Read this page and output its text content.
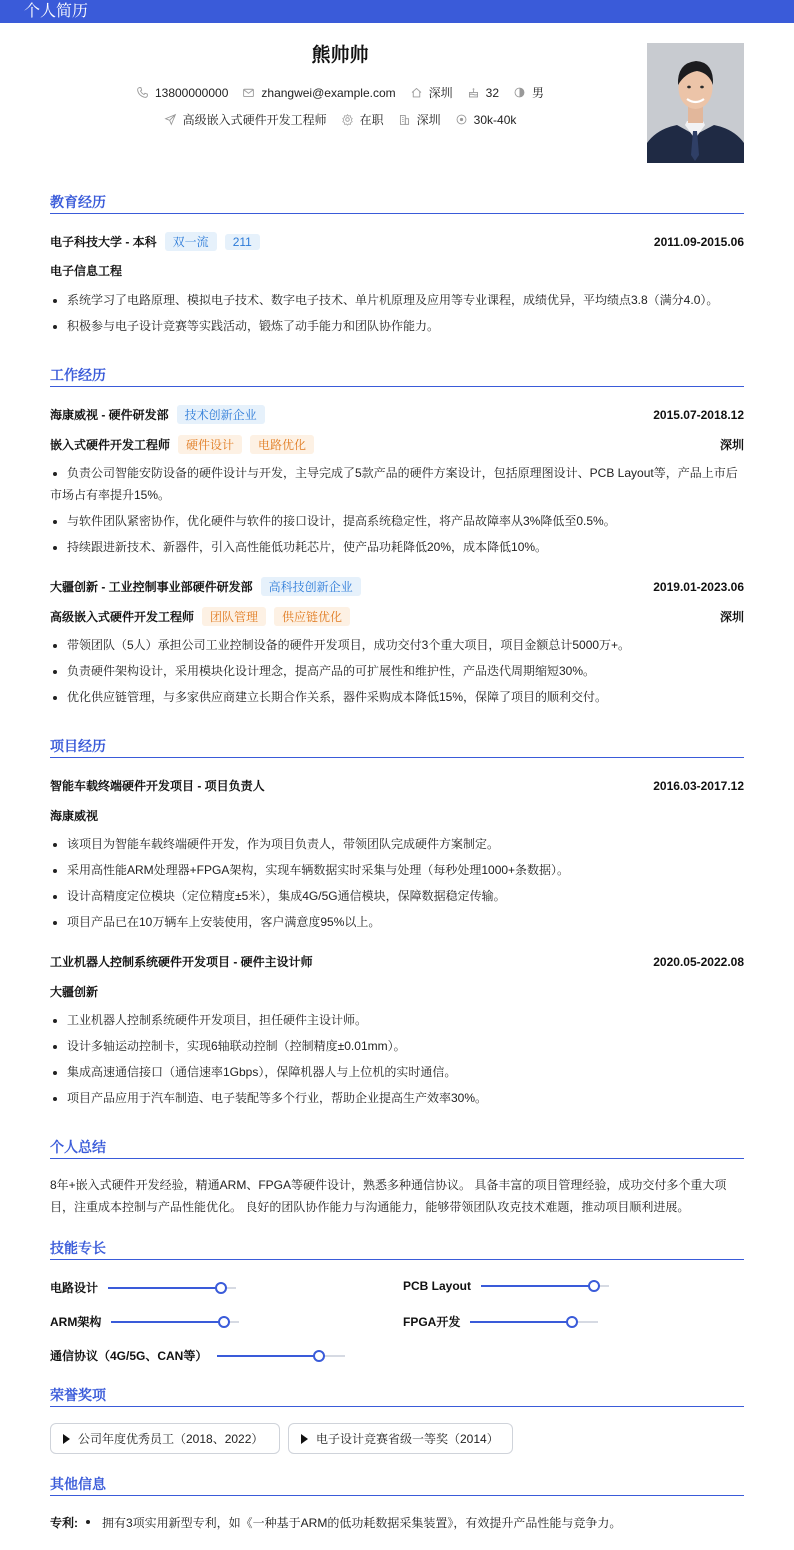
个人简历
熊帅帅
13800000000	zhangwei@example.com	深圳	32	男
高级嵌入式硬件开发工程师	在职	深圳	30k-40k
教育经历
电子科技大学 - 本科	双一流	211	2011.09-2015.06
电子信息工程
系统学习了电路原理、模拟电子技术、数字电子技术、单片机原理及应用等专业课程，成绩优异，平均绩点3.8（满分4.0）。
积极参与电子设计竞赛等实践活动，锻炼了动手能力和团队协作能力。
工作经历
海康威视 - 硬件研发部	技术创新企业	2015.07-2018.12
嵌入式硬件开发工程师	硬件设计	电路优化	深圳
负责公司智能安防设备的硬件设计与开发，主导完成了5款产品的硬件方案设计，包括原理图设计、PCB Layout等，产品上市后
市场占有率提升15%。
与软件团队紧密协作，优化硬件与软件的接口设计，提高系统稳定性，将产品故障率从3%降低至0.5%。
持续跟进新技术、新器件，引入高性能低功耗芯片，使产品功耗降低20%，成本降低10%。
大疆创新 - 工业控制事业部硬件研发部	高科技创新企业	2019.01-2023.06
高级嵌入式硬件开发工程师	团队管理	供应链优化	深圳
带领团队（5人）承担公司工业控制设备的硬件开发项目，成功交付3个重大项目，项目金额总计5000万+。
负责硬件架构设计，采用模块化设计理念，提高产品的可扩展性和维护性，产品迭代周期缩短30%。
优化供应链管理，与多家供应商建立长期合作关系，器件采购成本降低15%，保障了项目的顺利交付。
项目经历
智能车载终端硬件开发项目 - 项目负责人	2016.03-2017.12
海康威视
该项目为智能车载终端硬件开发，作为项目负责人，带领团队完成硬件方案制定。
采用高性能ARM处理器+FPGA架构，实现车辆数据实时采集与处理（每秒处理1000+条数据）。
设计高精度定位模块（定位精度±5米），集成4G/5G通信模块，保障数据稳定传输。
项目产品已在10万辆车上安装使用，客户满意度95%以上。
工业机器人控制系统硬件开发项目 - 硬件主设计师	2020.05-2022.08
大疆创新
工业机器人控制系统硬件开发项目，担任硬件主设计师。
设计多轴运动控制卡，实现6轴联动控制（控制精度±0.01mm）。
集成高速通信接口（通信速率1Gbps），保障机器人与上位机的实时通信。
项目产品应用于汽车制造、电子装配等多个行业，帮助企业提高生产效率30%。
个人总结
8年+嵌入式硬件开发经验，精通ARM、FPGA等硬件设计，熟悉多种通信协议。 具备丰富的项目管理经验，成功交付多个重大项
目，注重成本控制与产品性能优化。 良好的团队协作能力与沟通能力，能够带领团队攻克技术难题，推动项目顺利进展。
技能专长
电路设计	PCB Layout
ARM架构	FPGA开发
通信协议（4G/5G、CAN等）
荣誉奖项
公司年度优秀员工（2018、2022）	电子设计竞赛省级一等奖（2014）
其他信息
专利:	拥有3项实用新型专利，如《一种基于ARM的低功耗数据采集装置》，有效提升产品性能与竞争力。
